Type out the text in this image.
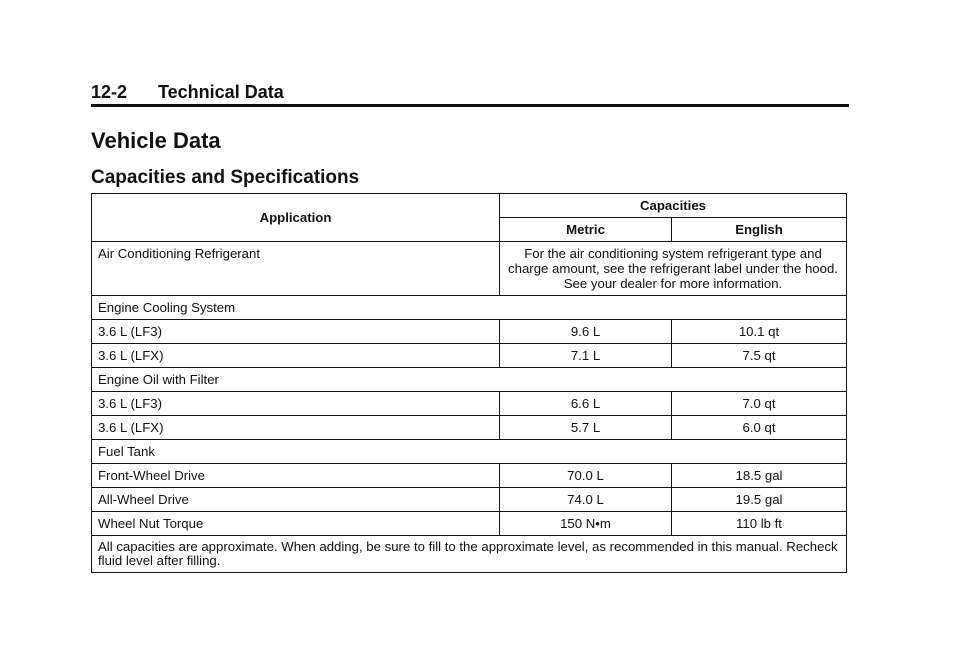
12-2 Technical Data
Vehicle Data
Capacities and Specifications
Application	Capacities	
	Metric	English
Air Conditioning Refrigerant	For the air conditioning system refrigerant type and charge amount, see the refrigerant label under the hood. See your dealer for more information.	
Engine Cooling System		
3.6 L (LF3)	9.6 L	10.1 qt
3.6 L (LFX)	7.1 L	7.5 qt
Engine Oil with Filter		
3.6 L (LF3)	6.6 L	7.0 qt
3.6 L (LFX)	5.7 L	6.0 qt
Fuel Tank		
Front-Wheel Drive	70.0 L	18.5 gal
All-Wheel Drive	74.0 L	19.5 gal
Wheel Nut Torque	150 N•m	110 lb ft
All capacities are approximate. When adding, be sure to fill to the approximate level, as recommended in this manual. Recheck fluid level after filling.		
